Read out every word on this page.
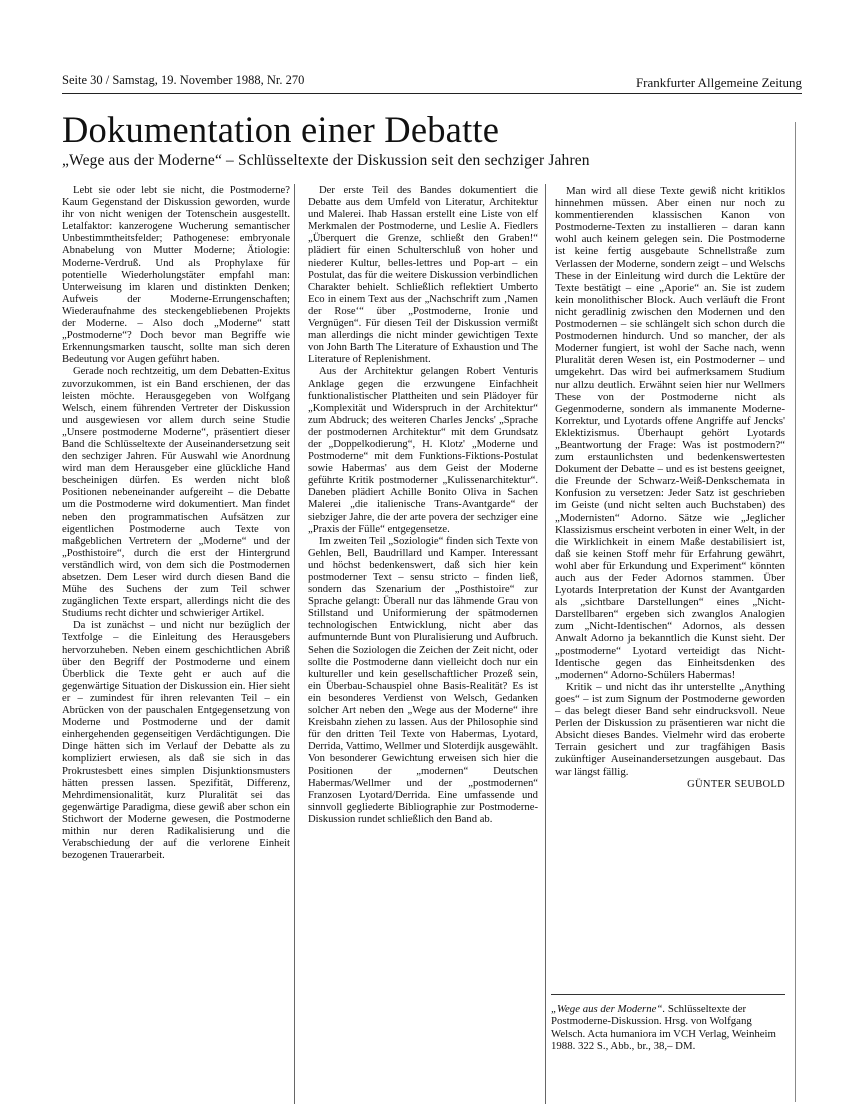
Seite 30 / Samstag, 19. November 1988, Nr. 270	Frankfurter Allgemeine Zeitung
Dokumentation einer Debatte
„Wege aus der Moderne“ – Schlüsseltexte der Diskussion seit den sechziger Jahren

Lebt sie oder lebt sie nicht, die Postmoderne? Kaum Gegenstand der Diskussion geworden, wurde ihr von nicht wenigen der Totenschein ausgestellt. Letalfaktor: kanzerogene Wucherung semantischer Unbestimmtheitsfelder; Pathogenese: embryonale Abnabelung von Mutter Moderne; Ätiologie: Moderne-Verdruß. Und als Prophylaxe für potentielle Wiederholungstäter empfahl man: Unterweisung im klaren und distinkten Denken; Aufweis der Moderne-Errungenschaften; Wiederaufnahme des steckengebliebenen Projekts der Moderne. – Also doch „Moderne“ statt „Postmoderne“? Doch bevor man Begriffe wie Erkennungsmarken tauscht, sollte man sich deren Bedeutung vor Augen geführt haben.

Gerade noch rechtzeitig, um dem Debatten-Exitus zuvorzukommen, ist ein Band erschienen, der das leisten möchte. Herausgegeben von Wolfgang Welsch, einem führenden Vertreter der Diskussion und ausgewiesen vor allem durch seine Studie „Unsere postmoderne Moderne“, präsentiert dieser Band die Schlüsseltexte der Auseinandersetzung seit den sechziger Jahren. Für Auswahl wie Anordnung wird man dem Herausgeber eine glückliche Hand bescheinigen dürfen. Es werden nicht bloß Positionen nebeneinander aufgereiht – die Debatte um die Postmoderne wird dokumentiert. Man findet neben den programmatischen Aufsätzen zur eigentlichen Postmoderne auch Texte von maßgeblichen Vertretern der „Moderne“ und der „Posthistoire“, durch die erst der Hintergrund verständlich wird, von dem sich die Postmodernen absetzen. Dem Leser wird durch diesen Band die Mühe des Suchens der zum Teil schwer zugänglichen Texte erspart, allerdings nicht die des Studiums recht dichter und schwieriger Artikel.

Da ist zunächst – und nicht nur bezüglich der Textfolge – die Einleitung des Herausgebers hervorzuheben. Neben einem geschichtlichen Abriß über den Begriff der Postmoderne und einem Überblick die Texte geht er auch auf die gegenwärtige Situation der Diskussion ein. Hier sieht er – zumindest für ihren relevanten Teil – ein Abrücken von der pauschalen Entgegensetzung von Moderne und Postmoderne und der damit einhergehenden gegenseitigen Verdächtigungen. Die Dinge hätten sich im Verlauf der Debatte als zu kompliziert erwiesen, als daß sie sich in das Prokrustesbett eines simplen Disjunktionsmusters hätten pressen lassen. Spezifität, Differenz, Mehrdimensionalität, kurz Pluralität sei das gegenwärtige Paradigma, diese gewiß aber schon ein Stichwort der Moderne gewesen, die Postmoderne mithin nur deren Radikalisierung und die Verabschiedung der auf die verlorene Einheit bezogenen Trauerarbeit.

Der erste Teil des Bandes dokumentiert die Debatte aus dem Umfeld von Literatur, Architektur und Malerei. Ihab Hassan erstellt eine Liste von elf Merkmalen der Postmoderne, und Leslie A. Fiedlers „Überquert die Grenze, schließt den Graben!“ plädiert für einen Schulterschluß von hoher und niederer Kultur, belles-lettres und Pop-art – ein Postulat, das für die weitere Diskussion verbindlichen Charakter behielt. Schließlich reflektiert Umberto Eco in einem Text aus der „Nachschrift zum ‚Namen der Rose‘“ über „Postmoderne, Ironie und Vergnügen“. Für diesen Teil der Diskussion vermißt man allerdings die nicht minder gewichtigen Texte von John Barth The Literature of Exhaustion und The Literature of Replenishment.

Aus der Architektur gelangen Robert Venturis Anklage gegen die erzwungene Einfachheit funktionalistischer Plattheiten und sein Plädoyer für „Komplexität und Widerspruch in der Architektur“ zum Abdruck; des weiteren Charles Jencks' „Sprache der postmodernen Architektur“ mit dem Grundsatz der „Doppelkodierung“, H. Klotz' „Moderne und Postmoderne“ mit dem Funktions-Fiktions-Postulat sowie Habermas' aus dem Geist der Moderne geführte Kritik postmoderner „Kulissenarchitektur“. Daneben plädiert Achille Bonito Oliva in Sachen Malerei „die italienische Trans-Avantgarde“ der siebziger Jahre, die der arte povera der sechziger eine „Praxis der Fülle“ entgegensetze.

Im zweiten Teil „Soziologie“ finden sich Texte von Gehlen, Bell, Baudrillard und Kamper. Interessant und höchst bedenkenswert, daß sich hier kein postmoderner Text – sensu stricto – finden ließ, sondern das Szenarium der „Posthistoire“ zur Sprache gelangt: Überall nur das lähmende Grau von Stillstand und Uniformierung der spätmodernen technologischen Entwicklung, nicht aber das aufmunternde Bunt von Pluralisierung und Aufbruch. Sehen die Soziologen die Zeichen der Zeit nicht, oder sollte die Postmoderne dann vielleicht doch nur ein kultureller und kein gesellschaftlicher Prozeß sein, ein Überbau-Schauspiel ohne Basis-Realität? Es ist ein besonderes Verdienst von Welsch, Gedanken solcher Art neben den „Wege aus der Moderne“ ihre Kreisbahn ziehen zu lassen. Aus der Philosophie sind für den dritten Teil Texte von Habermas, Lyotard, Derrida, Vattimo, Wellmer und Sloterdijk ausgewählt. Von besonderer Gewichtung erweisen sich hier die Positionen der „modernen“ Deutschen Habermas/Wellmer und der „postmodernen“ Franzosen Lyotard/Derrida. Eine umfassende und sinnvoll gegliederte Bibliographie zur Postmoderne-Diskussion rundet schließlich den Band ab.

Man wird all diese Texte gewiß nicht kritiklos hinnehmen müssen. Aber einen nur noch zu kommentierenden klassischen Kanon von Postmoderne-Texten zu installieren – daran kann wohl auch keinem gelegen sein. Die Postmoderne ist keine fertig ausgebaute Schnellstraße zum Verlassen der Moderne, sondern zeigt – und Welschs These in der Einleitung wird durch die Lektüre der Texte bestätigt – eine „Aporie“ an. Sie ist zudem kein monolithischer Block. Auch verläuft die Front nicht geradlinig zwischen den Modernen und den Postmodernen – sie schlängelt sich schon durch die Postmodernen hindurch. Und so mancher, der als Moderner fungiert, ist wohl der Sache nach, wenn Pluralität deren Wesen ist, ein Postmoderner – und umgekehrt. Das wird bei aufmerksamem Studium nur allzu deutlich. Erwähnt seien hier nur Wellmers These von der Postmoderne nicht als Gegenmoderne, sondern als immanente Moderne-Korrektur, und Lyotards offene Angriffe auf Jencks' Eklektizismus. Überhaupt gehört Lyotards „Beantwortung der Frage: Was ist postmodern?“ zum erstaunlichsten und bedenkenswertesten Dokument der Debatte – und es ist bestens geeignet, die Freunde der Schwarz-Weiß-Denkschemata in Konfusion zu versetzen: Jeder Satz ist geschrieben im Geiste (und nicht selten auch Buchstaben) des „Modernisten“ Adorno. Sätze wie „Jeglicher Klassizismus erscheint verboten in einer Welt, in der die Wirklichkeit in einem Maße destabilisiert ist, daß sie keinen Stoff mehr für Erfahrung gewährt, wohl aber für Erkundung und Experiment“ könnten auch aus der Feder Adornos stammen. Über Lyotards Interpretation der Kunst der Avantgarden als „sichtbare Darstellungen“ eines „Nicht-Darstellbaren“ ergeben sich zwanglos Analogien zum „Nicht-Identischen“ Adornos, als dessen Anwalt Adorno ja bekanntlich die Kunst sieht. Der „postmoderne“ Lyotard verteidigt das Nicht-Identische gegen das Einheitsdenken des „modernen“ Adorno-Schülers Habermas!

Kritik – und nicht das ihr unterstellte „Anything goes“ – ist zum Signum der Postmoderne geworden – das belegt dieser Band sehr eindrucksvoll. Neue Perlen der Diskussion zu präsentieren war nicht die Absicht dieses Bandes. Vielmehr wird das eroberte Terrain gesichert und zur tragfähigen Basis zukünftiger Auseinandersetzungen ausgebaut. Das war längst fällig.

GÜNTER SEUBOLD
„Wege aus der Moderne“. Schlüsseltexte der Postmoderne-Diskussion. Hrsg. von Wolfgang Welsch. Acta humaniora im VCH Verlag, Weinheim 1988. 322 S., Abb., br., 38,– DM.
